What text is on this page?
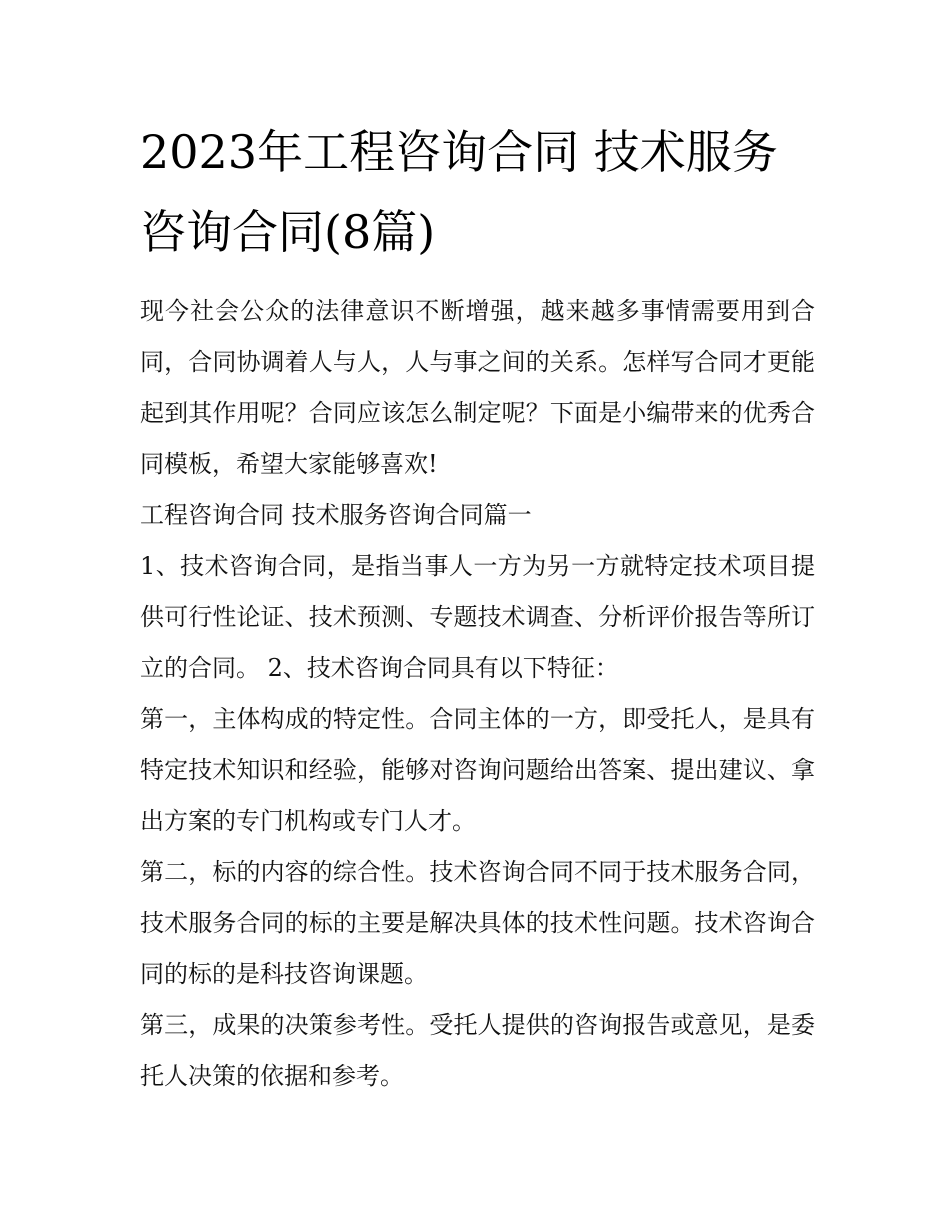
2023年工程咨询合同 技术服务咨询合同(8篇)

现今社会公众的法律意识不断增强，越来越多事情需要用到合同，合同协调着人与人，人与事之间的关系。怎样写合同才更能起到其作用呢？合同应该怎么制定呢？下面是小编带来的优秀合同模板，希望大家能够喜欢!

工程咨询合同 技术服务咨询合同篇一

1、技术咨询合同，是指当事人一方为另一方就特定技术项目提供可行性论证、技术预测、专题技术调查、分析评价报告等所订立的合同。 2、技术咨询合同具有以下特征：

第一，主体构成的特定性。合同主体的一方，即受托人，是具有特定技术知识和经验，能够对咨询问题给出答案、提出建议、拿出方案的专门机构或专门人才。

第二，标的内容的综合性。技术咨询合同不同于技术服务合同，技术服务合同的标的主要是解决具体的技术性问题。技术咨询合同的标的是科技咨询课题。

第三，成果的决策参考性。受托人提供的咨询报告或意见，是委托人决策的依据和参考。
